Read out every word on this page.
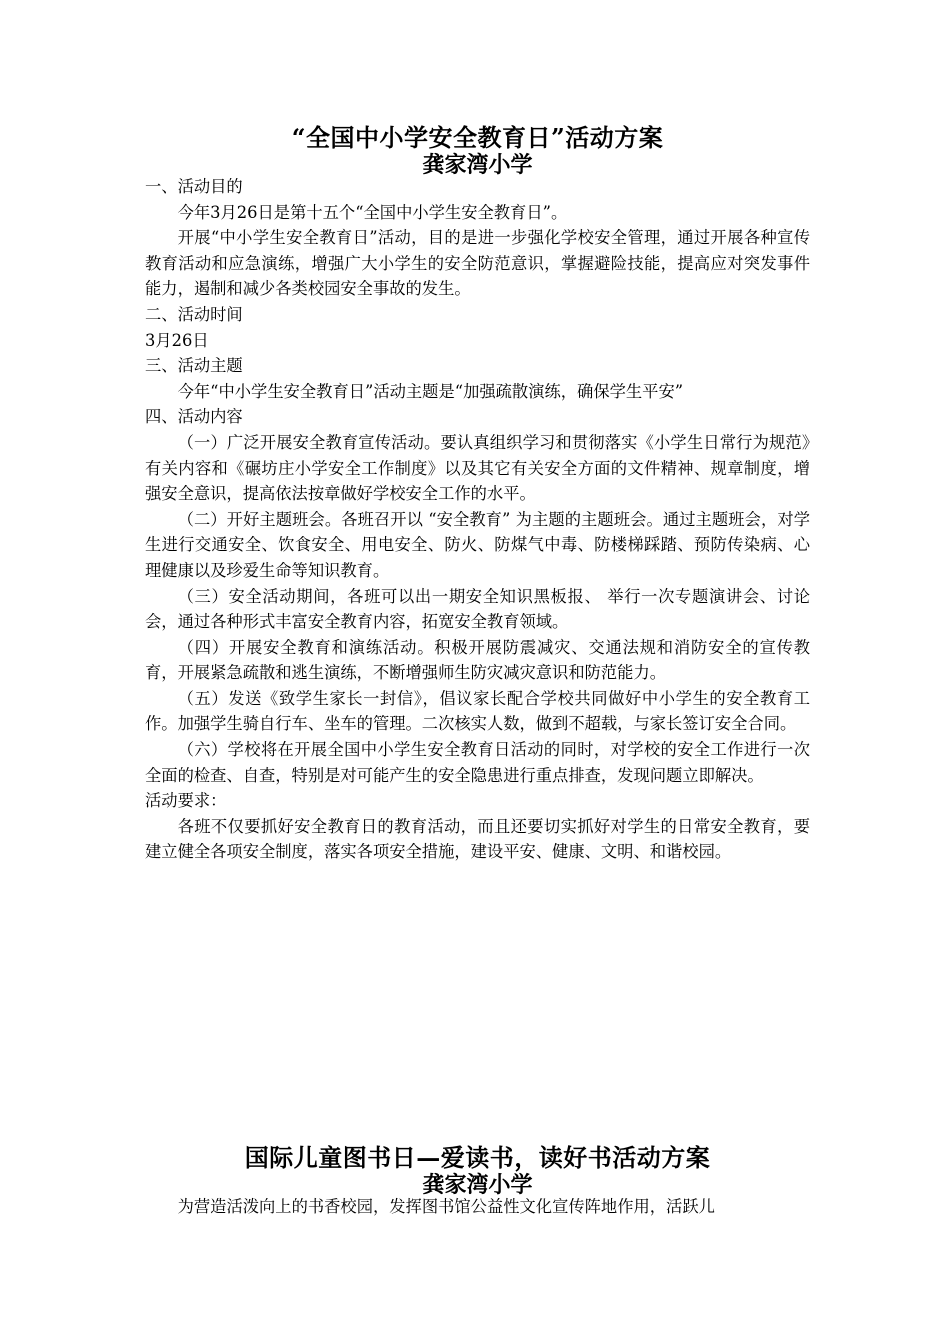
“全国中小学安全教育日”活动方案
龚家湾小学

一、活动目的

今年3月26日是第十五个“全国中小学生安全教育日”。

开展“中小学生安全教育日”活动，目的是进一步强化学校安全管理，通过开展各种宣传教育活动和应急演练，增强广大小学生的安全防范意识，掌握避险技能，提高应对突发事件能力，遏制和减少各类校园安全事故的发生。

二、活动时间

3月26日

三、活动主题

今年“中小学生安全教育日”活动主题是“加强疏散演练，确保学生平安”

四、活动内容

（一）广泛开展安全教育宣传活动。要认真组织学习和贯彻落实《小学生日常行为规范》有关内容和《碾坊庄小学安全工作制度》以及其它有关安全方面的文件精神、规章制度，增强安全意识，提高依法按章做好学校安全工作的水平。

（二）开好主题班会。各班召开以 “安全教育” 为主题的主题班会。通过主题班会，对学生进行交通安全、饮食安全、用电安全、防火、防煤气中毒、防楼梯踩踏、预防传染病、心理健康以及珍爱生命等知识教育。

（三）安全活动期间，各班可以出一期安全知识黑板报、 举行一次专题演讲会、讨论会，通过各种形式丰富安全教育内容，拓宽安全教育领域。

（四）开展安全教育和演练活动。积极开展防震减灾、交通法规和消防安全的宣传教育，开展紧急疏散和逃生演练，不断增强师生防灾减灾意识和防范能力。

（五）发送《致学生家长一封信》，倡议家长配合学校共同做好中小学生的安全教育工作。加强学生骑自行车、坐车的管理。二次核实人数，做到不超载，与家长签订安全合同。

（六）学校将在开展全国中小学生安全教育日活动的同时，对学校的安全工作进行一次全面的检查、自查，特别是对可能产生的安全隐患进行重点排查，发现问题立即解决。

活动要求：

各班不仅要抓好安全教育日的教育活动，而且还要切实抓好对学生的日常安全教育，要建立健全各项安全制度，落实各项安全措施，建设平安、健康、文明、和谐校园。

国际儿童图书日—爱读书，读好书活动方案
龚家湾小学

为营造活泼向上的书香校园，发挥图书馆公益性文化宣传阵地作用，活跃儿
